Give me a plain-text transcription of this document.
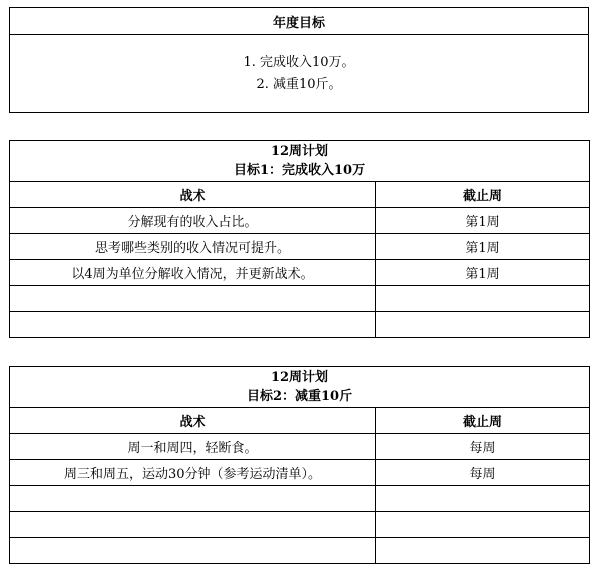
年度目标

1. 完成收入10万。
2. 减重10斤。
12周计划
目标1：完成收入10万	

战术	截止周
分解现有的收入占比。	第1周
思考哪些类别的收入情况可提升。	第1周
以4周为单位分解收入情况，并更新战术。	第1周

12周计划
目标2：减重10斤	

战术	截止周
周一和周四，轻断食。	每周
周三和周五，运动30分钟（参考运动清单）。	每周
